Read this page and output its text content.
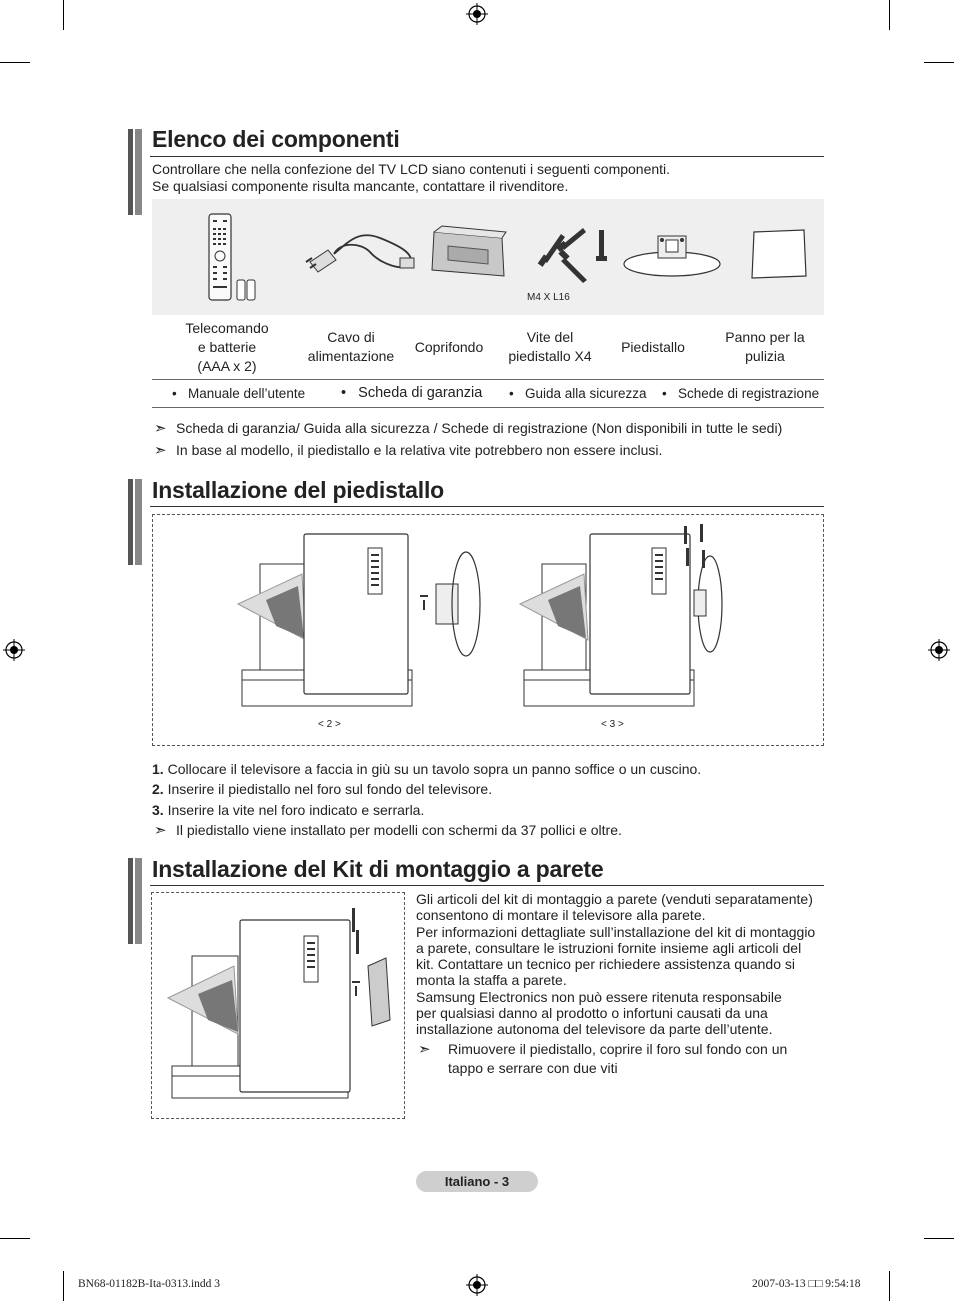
Elenco dei componenti
Controllare che nella confezione del TV LCD siano contenuti i seguenti componenti.
Se qualsiasi componente risulta mancante, contattare il rivenditore.
M4 X L16
Telecomando
e batterie
(AAA x 2)
Cavo di
alimentazione
Coprifondo
Vite del
piedistallo X4
Piedistallo
Panno per la
pulizia
• Manuale dell’utente • Scheda di garanzia • Guida alla sicurezza • Schede di registrazione
➣ Scheda di garanzia/ Guida alla sicurezza / Schede di registrazione (Non disponibili in tutte le sedi)
➣ In base al modello, il piedistallo e la relativa vite potrebbero non essere inclusi.
Installazione del piedistallo
< 2 >	< 3 >
1. Collocare il televisore a faccia in giù su un tavolo sopra un panno soffice o un cuscino.
2. Inserire il piedistallo nel foro sul fondo del televisore.
3. Inserire la vite nel foro indicato e serrarla.
➣ Il piedistallo viene installato per modelli con schermi da 37 pollici e oltre.
Installazione del Kit di montaggio a parete
Gli articoli del kit di montaggio a parete (venduti separatamente)
consentono di montare il televisore alla parete.
Per informazioni dettagliate sull’installazione del kit di montaggio
a parete, consultare le istruzioni fornite insieme agli articoli del
kit. Contattare un tecnico per richiedere assistenza quando si
monta la staffa a parete.
Samsung Electronics non può essere ritenuta responsabile
per qualsiasi danno al prodotto o infortuni causati da una
installazione autonoma del televisore da parte dell’utente.
➣ Rimuovere il piedistallo, coprire il foro sul fondo con un
tappo e serrare con due viti
Italiano - 3
BN68-01182B-Ita-0313.indd 3	2007-03-13 □□ 9:54:18
